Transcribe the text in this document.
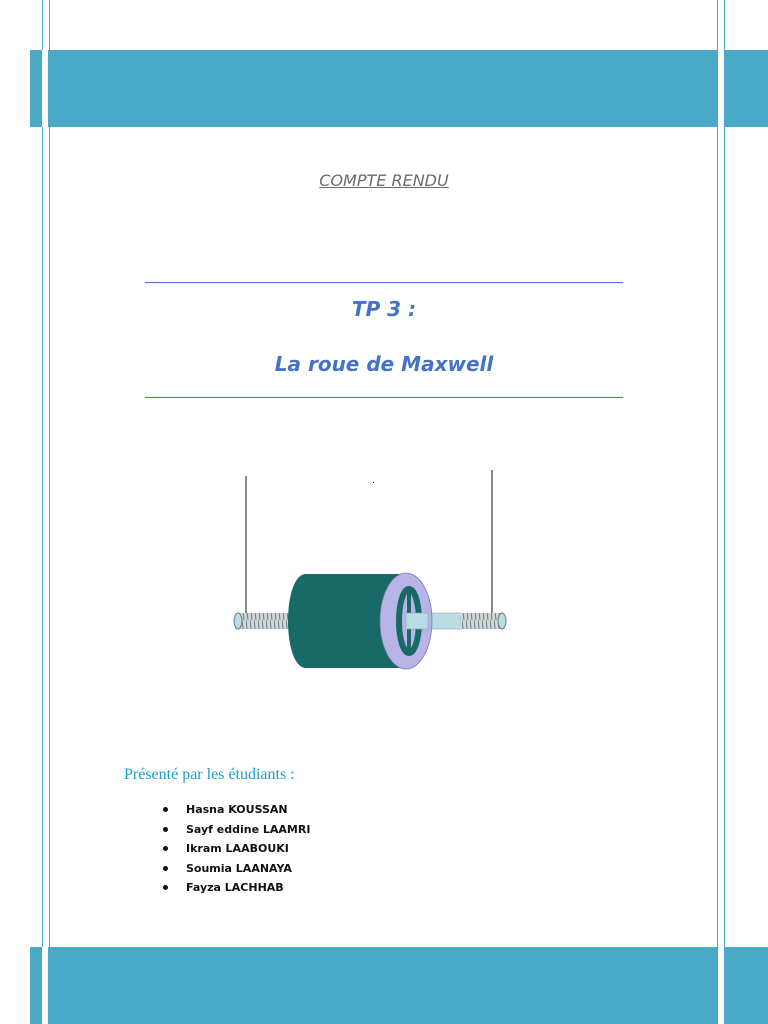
COMPTE RENDU
TP 3 :
La roue de Maxwell
Présenté par les étudiants :
Hasna KOUSSAN
Sayf eddine LAAMRI
Ikram LAABOUKI
Soumia LAANAYA
Fayza LACHHAB
